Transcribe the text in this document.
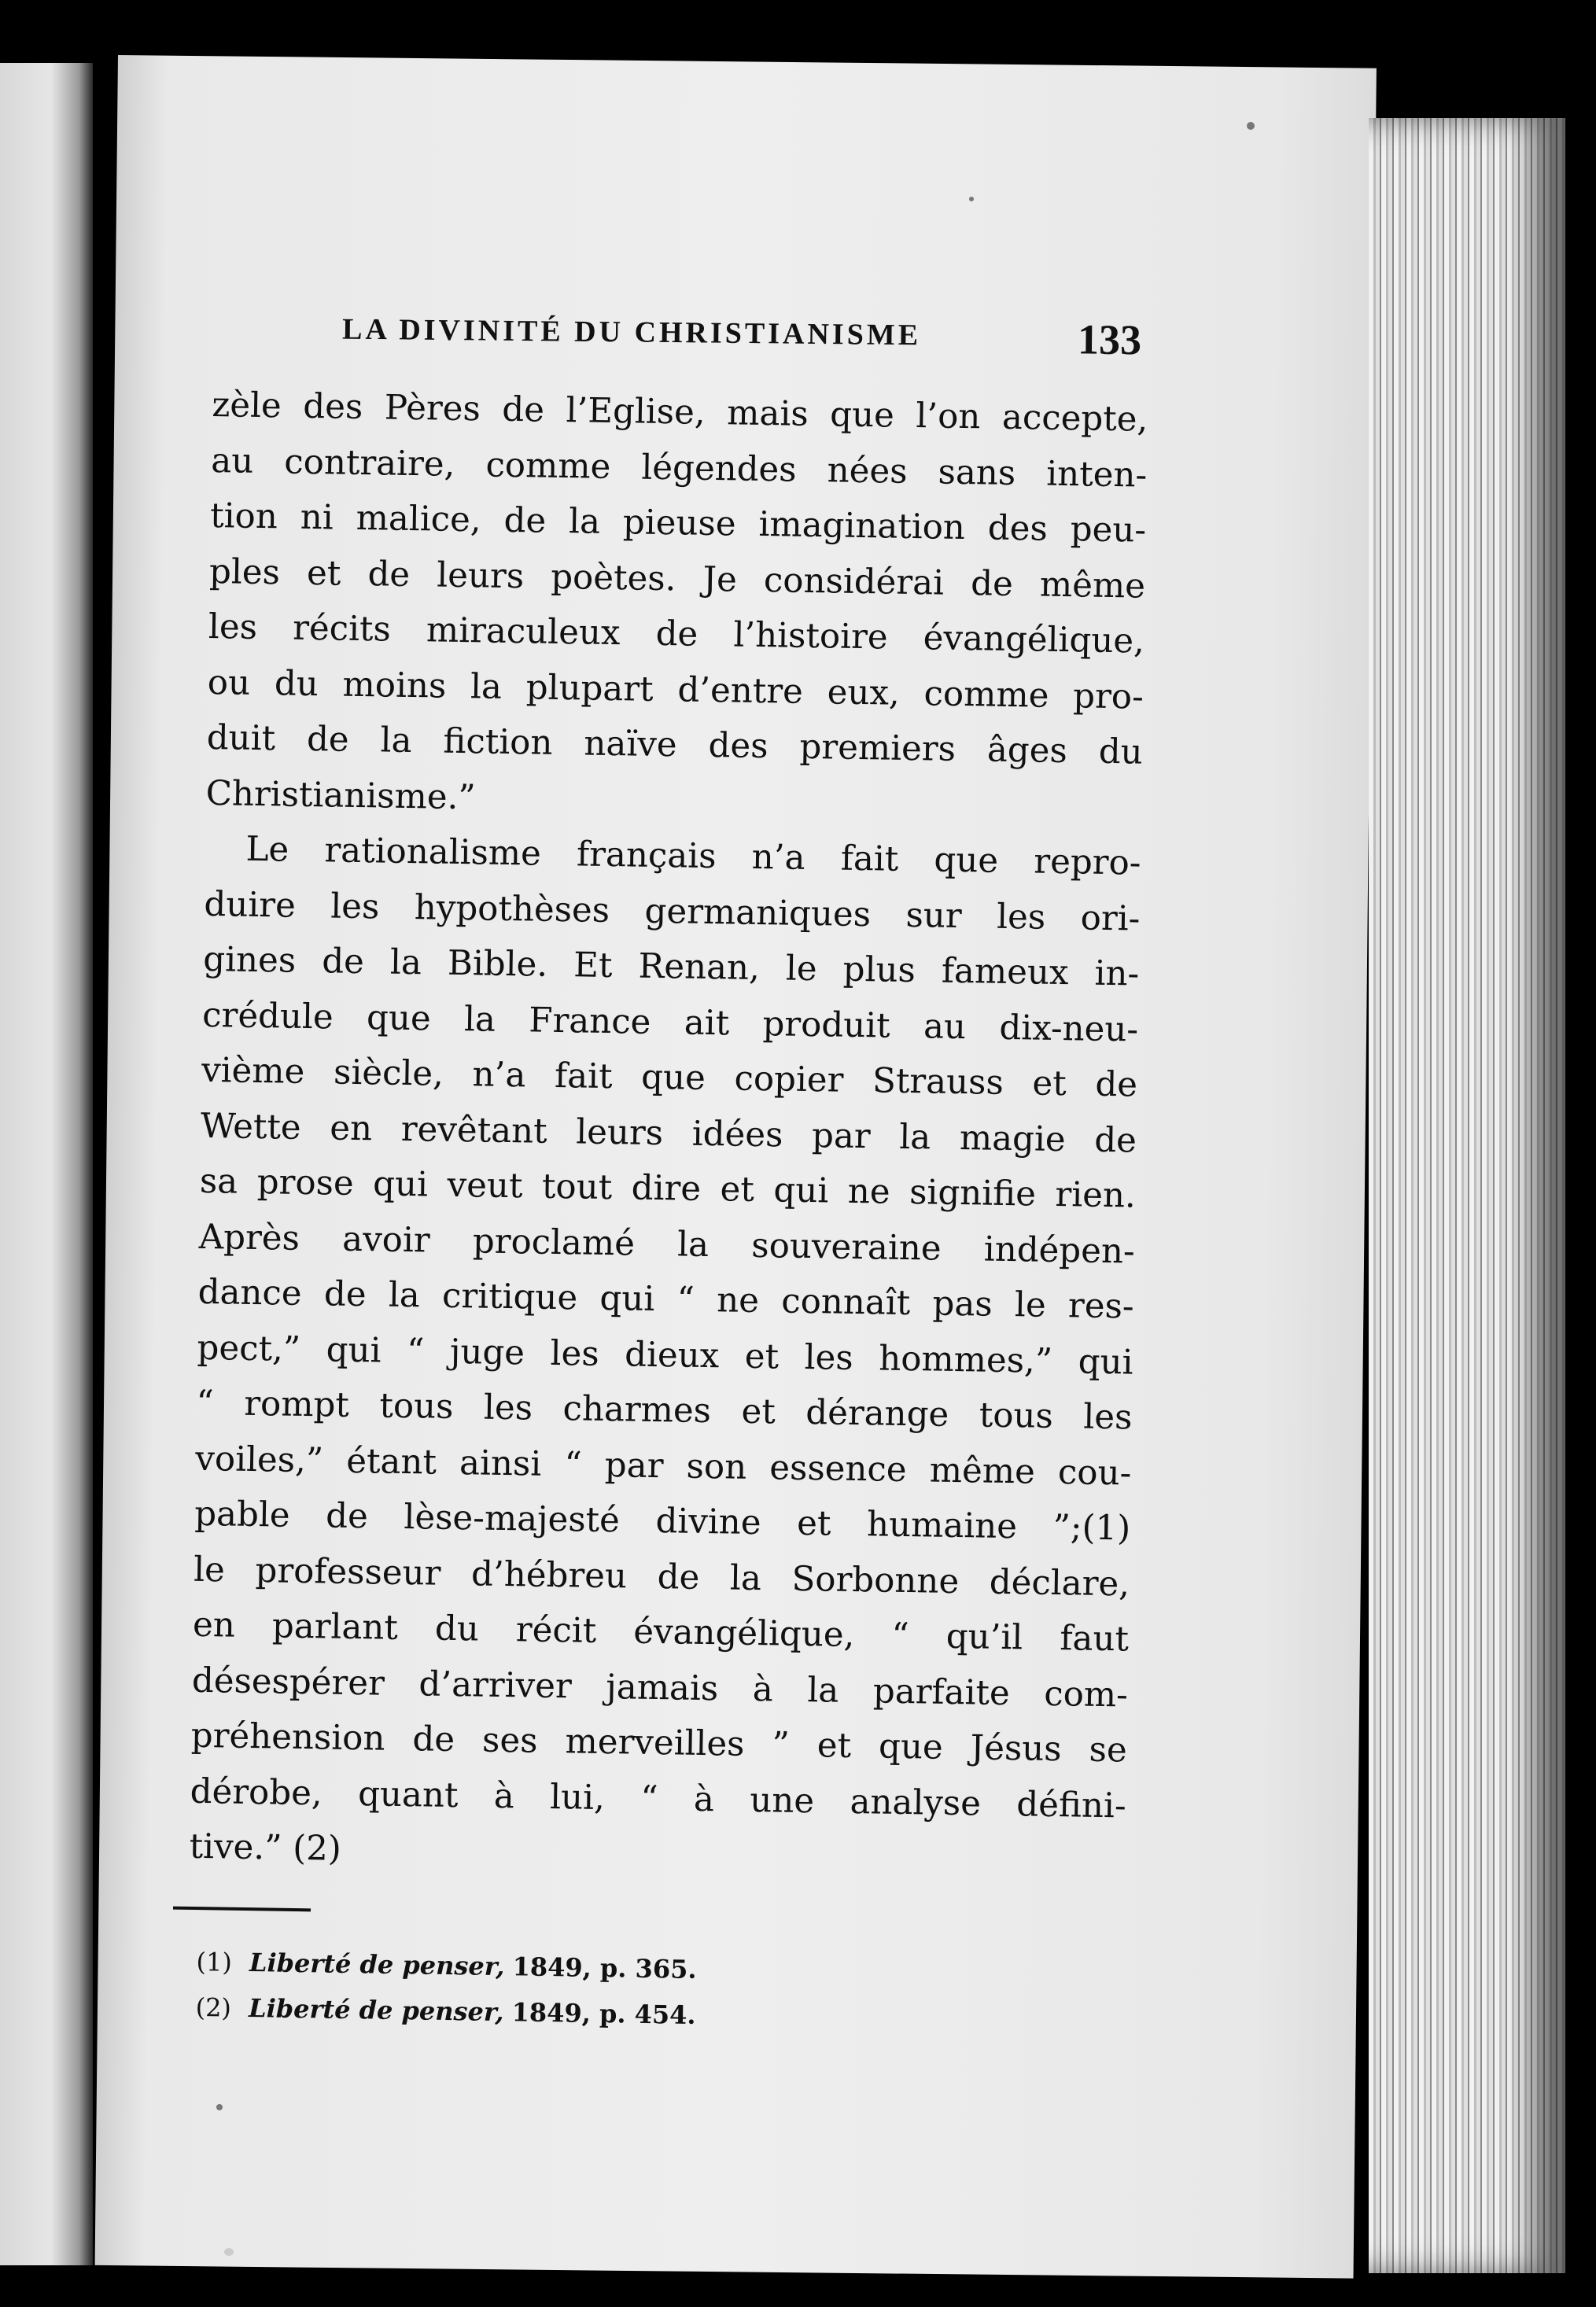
LA DIVINITÉ DU CHRISTIANISME	133
zèle des Pères de l’Eglise, mais que l’on accepte,
au contraire, comme légendes nées sans inten-
tion ni malice, de la pieuse imagination des peu-
ples et de leurs poètes. Je considérai de même
les récits miraculeux de l’histoire évangélique,
ou du moins la plupart d’entre eux, comme pro-
duit de la fiction naïve des premiers âges du
Christianisme.”
Le rationalisme français n’a fait que repro-
duire les hypothèses germaniques sur les ori-
gines de la Bible. Et Renan, le plus fameux in-
crédule que la France ait produit au dix-neu-
vième siècle, n’a fait que copier Strauss et de
Wette en revêtant leurs idées par la magie de
sa prose qui veut tout dire et qui ne signifie rien.
Après avoir proclamé la souveraine indépen-
dance de la critique qui “ ne connaît pas le res-
pect,” qui “ juge les dieux et les hommes,” qui
“ rompt tous les charmes et dérange tous les
voiles,” étant ainsi “ par son essence même cou-
pable de lèse-majesté divine et humaine ”;(1)
le professeur d’hébreu de la Sorbonne déclare,
en parlant du récit évangélique, “ qu’il faut
désespérer d’arriver jamais à la parfaite com-
préhension de ses merveilles ” et que Jésus se
dérobe, quant à lui, “ à une analyse défini-
tive.” (2)
(1) Liberté de penser, 1849, p. 365.
(2) Liberté de penser, 1849, p. 454.
